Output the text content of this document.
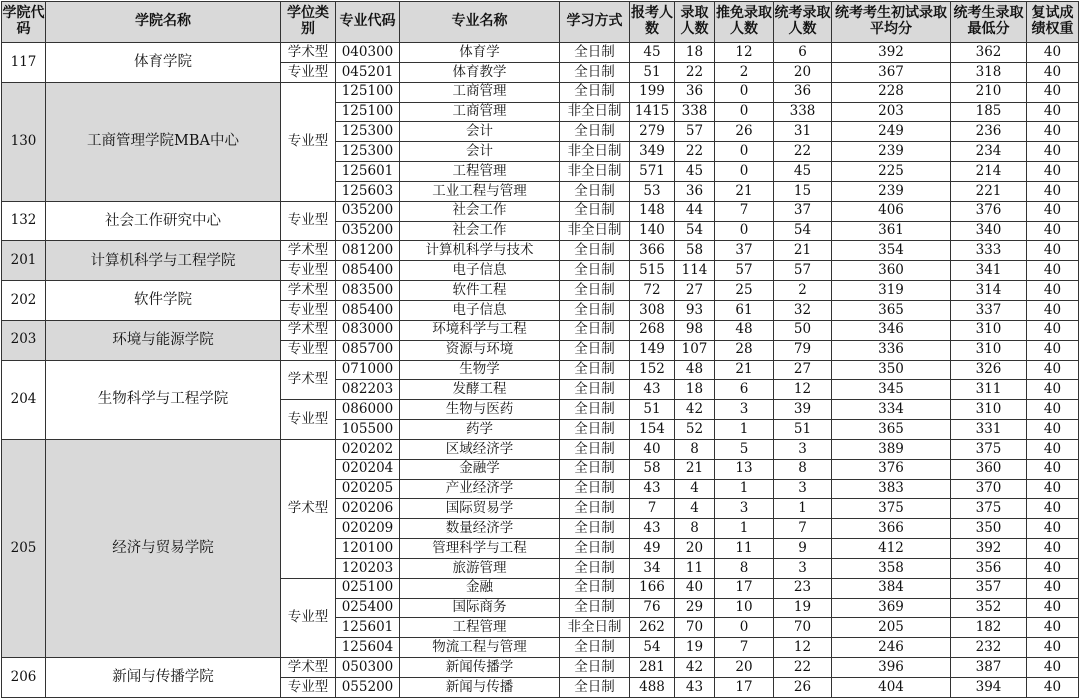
学院代码	学院名称	学位类别	专业代码	专业名称	学习方式	报考人数	录取人数	推免录取人数	统考录取人数	统考考生初试录取平均分	统考生录取最低分	复试成绩权重
117	体育学院	学术型	040300	体育学	全日制	45	18	12	6	392	362	40
		专业型	045201	体育教学	全日制	51	22	2	20	367	318	40
130	工商管理学院MBA中心	专业型	125100	工商管理	全日制	199	36	0	36	228	210	40
			125100	工商管理	非全日制	1415	338	0	338	203	185	40
			125300	会计	全日制	279	57	26	31	249	236	40
			125300	会计	非全日制	349	22	0	22	239	234	40
			125601	工程管理	非全日制	571	45	0	45	225	214	40
			125603	工业工程与管理	全日制	53	36	21	15	239	221	40
132	社会工作研究中心	专业型	035200	社会工作	全日制	148	44	7	37	406	376	40
			035200	社会工作	非全日制	140	54	0	54	361	340	40
201	计算机科学与工程学院	学术型	081200	计算机科学与技术	全日制	366	58	37	21	354	333	40
		专业型	085400	电子信息	全日制	515	114	57	57	360	341	40
202	软件学院	学术型	083500	软件工程	全日制	72	27	25	2	319	314	40
		专业型	085400	电子信息	全日制	308	93	61	32	365	337	40
203	环境与能源学院	学术型	083000	环境科学与工程	全日制	268	98	48	50	346	310	40
		专业型	085700	资源与环境	全日制	149	107	28	79	336	310	40
204	生物科学与工程学院	学术型	071000	生物学	全日制	152	48	21	27	350	326	40
			082203	发酵工程	全日制	43	18	6	12	345	311	40
		专业型	086000	生物与医药	全日制	51	42	3	39	334	310	40
			105500	药学	全日制	154	52	1	51	365	331	40
205	经济与贸易学院	学术型	020202	区域经济学	全日制	40	8	5	3	389	375	40
			020204	金融学	全日制	58	21	13	8	376	360	40
			020205	产业经济学	全日制	43	4	1	3	383	370	40
			020206	国际贸易学	全日制	7	4	3	1	375	375	40
			020209	数量经济学	全日制	43	8	1	7	366	350	40
			120100	管理科学与工程	全日制	49	20	11	9	412	392	40
			120203	旅游管理	全日制	34	11	8	3	358	356	40
		专业型	025100	金融	全日制	166	40	17	23	384	357	40
			025400	国际商务	全日制	76	29	10	19	369	352	40
			125601	工程管理	非全日制	262	70	0	70	205	182	40
			125604	物流工程与管理	全日制	54	19	7	12	246	232	40
206	新闻与传播学院	学术型	050300	新闻传播学	全日制	281	42	20	22	396	387	40
		专业型	055200	新闻与传播	全日制	488	43	17	26	404	394	40
